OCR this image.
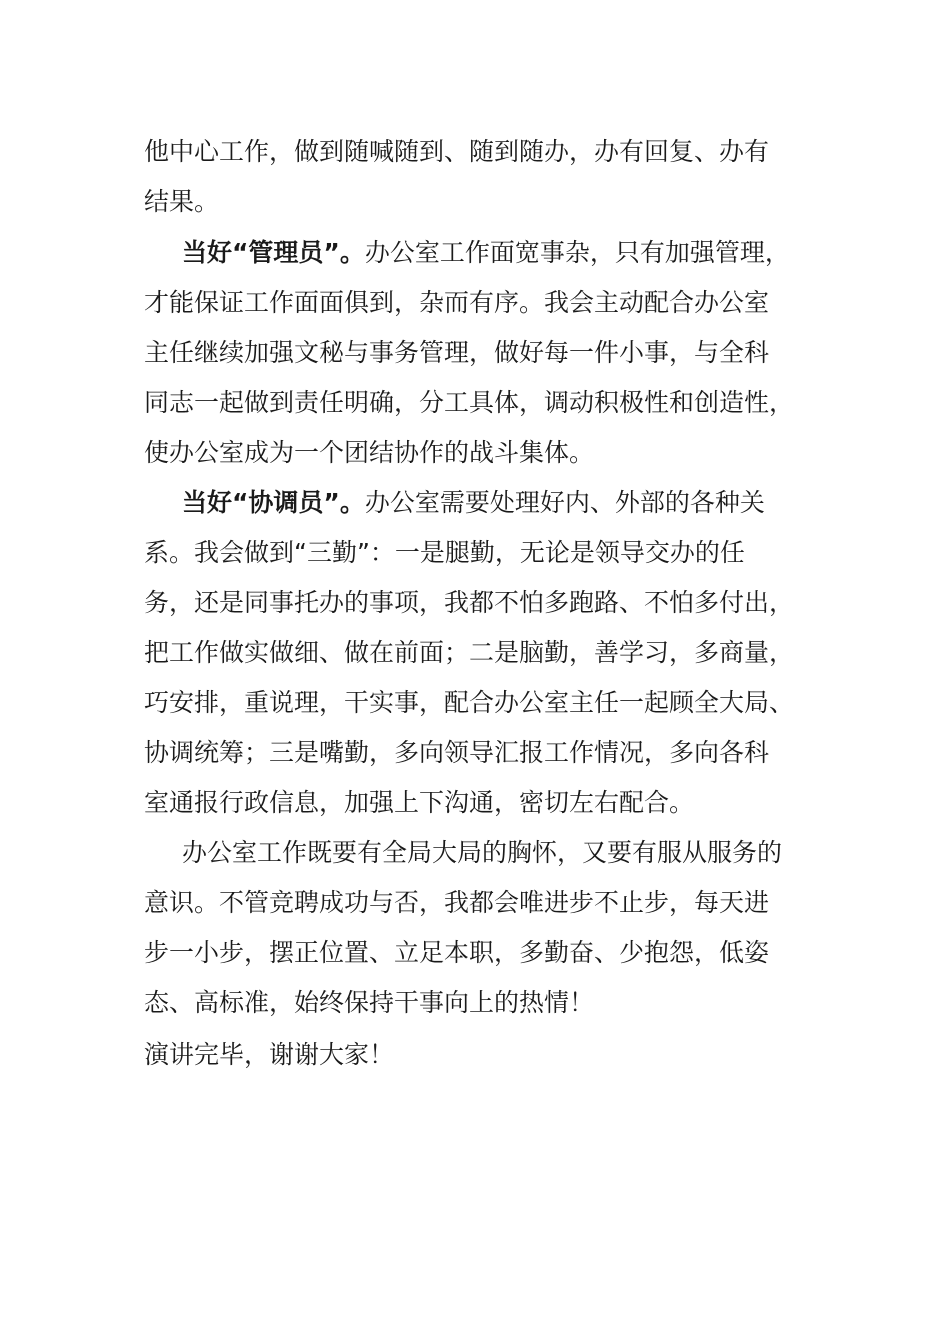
他中心工作，做到随喊随到、随到随办，办有回复、办有
结果。
当好“管理员”。办公室工作面宽事杂，只有加强管理，
才能保证工作面面俱到，杂而有序。我会主动配合办公室
主任继续加强文秘与事务管理，做好每一件小事，与全科
同志一起做到责任明确，分工具体，调动积极性和创造性，
使办公室成为一个团结协作的战斗集体。
当好“协调员”。办公室需要处理好内、外部的各种关
系。我会做到“三勤”：一是腿勤，无论是领导交办的任
务，还是同事托办的事项，我都不怕多跑路、不怕多付出，
把工作做实做细、做在前面；二是脑勤，善学习，多商量，
巧安排，重说理，干实事，配合办公室主任一起顾全大局、
协调统筹；三是嘴勤，多向领导汇报工作情况，多向各科
室通报行政信息，加强上下沟通，密切左右配合。
办公室工作既要有全局大局的胸怀，又要有服从服务的
意识。不管竞聘成功与否，我都会唯进步不止步，每天进
步一小步，摆正位置、立足本职，多勤奋、少抱怨，低姿
态、高标准，始终保持干事向上的热情！
演讲完毕，谢谢大家！
